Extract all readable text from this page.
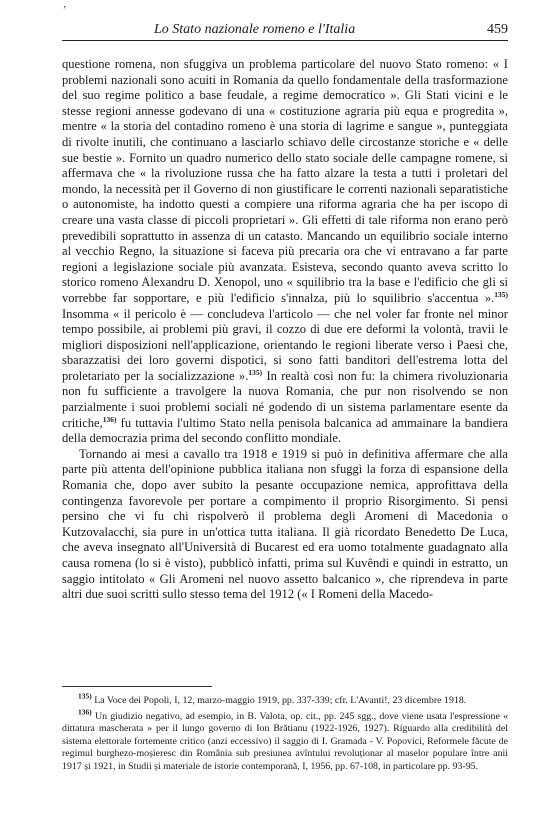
’
Lo Stato nazionale romeno e l'Italia	459

questione romena, non sfuggiva un problema particolare del nuovo Stato romeno: « I problemi nazionali sono acuiti in Romania da quello fondamentale della trasformazione del suo regime politico a base feudale, a regime democratico ». Gli Stati vicini e le stesse regioni annesse godevano di una « costituzione agraria più equa e progredita », mentre « la storia del contadino romeno è una storia di lagrime e sangue », punteggiata di rivolte inutili, che continuano a lasciarlo schiavo delle circostanze storiche e « delle sue bestie ». Fornito un quadro numerico dello stato sociale delle campagne romene, si affermava che « la rivoluzione russa che ha fatto alzare la testa a tutti i proletari del mondo, la necessità per il Governo di non giustificare le correnti nazionali separatistiche o autonomiste, ha indotto questi a compiere una riforma agraria che ha per iscopo di creare una vasta classe di piccoli proprietari ». Gli effetti di tale riforma non erano però prevedibili soprattutto in assenza di un catasto. Mancando un equilibrio sociale interno al vecchio Regno, la situazione si faceva più precaria ora che vi entravano a far parte regioni a legislazione sociale più avanzata. Esisteva, secondo quanto aveva scritto lo storico romeno Alexandru D. Xenopol, uno « squilibrio tra la base e l'edificio che gli si vorrebbe far sopportare, e più l'edificio s'innalza, più lo squilibrio s'accentua ».$^{135)}$ Insomma « il pericolo è — concludeva l'articolo — che nel voler far fronte nel minor tempo possibile, ai problemi più gravi, il cozzo di due ere deformi la volontà, travii le migliori disposizioni nell'applicazione, orientando le regioni liberate verso i Paesi che, sbarazzatisi dei loro governi dispotici, si sono fatti banditori dell'estrema lotta del proletariato per la socializzazione ».$^{135)}$ In realtà così non fu: la chimera rivoluzionaria non fu sufficiente a travolgere la nuova Romania, che pur non risolvendo se non parzialmente i suoi problemi sociali né godendo di un sistema parlamentare esente da critiche,$^{136)}$ fu tuttavia l'ultimo Stato nella penisola balcanica ad ammainare la bandiera della democrazia prima del secondo conflitto mondiale.

Tornando ai mesi a cavallo tra 1918 e 1919 si può in definitiva affermare che alla parte più attenta dell'opinione pubblica italiana non sfuggì la forza di espansione della Romania che, dopo aver subito la pesante occupazione nemica, approfittava della contingenza favorevole per portare a compimento il proprio Risorgimento. Si pensi persino che vi fu chi rispolverò il problema degli Aromeni di Macedonia o Kutzovalacchi, sia pure in un'ottica tutta italiana. Il già ricordato Benedetto De Luca, che aveva insegnato all'Università di Bucarest ed era uomo totalmente guadagnato alla causa romena (lo si è visto), pubblicò infatti, prima sul Kuvêndi e quindi in estratto, un saggio intitolato « Gli Aromeni nel nuovo assetto balcanico », che riprendeva in parte altri due suoi scritti sullo stesso tema del 1912 (« I Romeni della Macedo-

$^{135)}$ La Voce dei Popoli, I, 12, marzo-maggio 1919, pp. 337-339; cfr. L'Avanti!, 23 dicembre 1918.

$^{136)}$ Un giudizio negativo, ad esempio, in B. Valota, op. cit., pp. 245 sgg., dove viene usata l'espressione « dittatura mascherata » per il lungo governo di Ion Brătianu (1922-1926, 1927). Riguardo alla credibilità del sistema elettorale fortemente critico (anzi eccessivo) il saggio di I. Gramada - V. Popovici, Reformele făcute de regimul burghezo-moșieresc din România sub presiunea avîntului revoluționar al maselor populare între anii 1917 și 1921, in Studii și materiale de istorie contemporană, I, 1956, pp. 67-108, in particolare pp. 93-95.
